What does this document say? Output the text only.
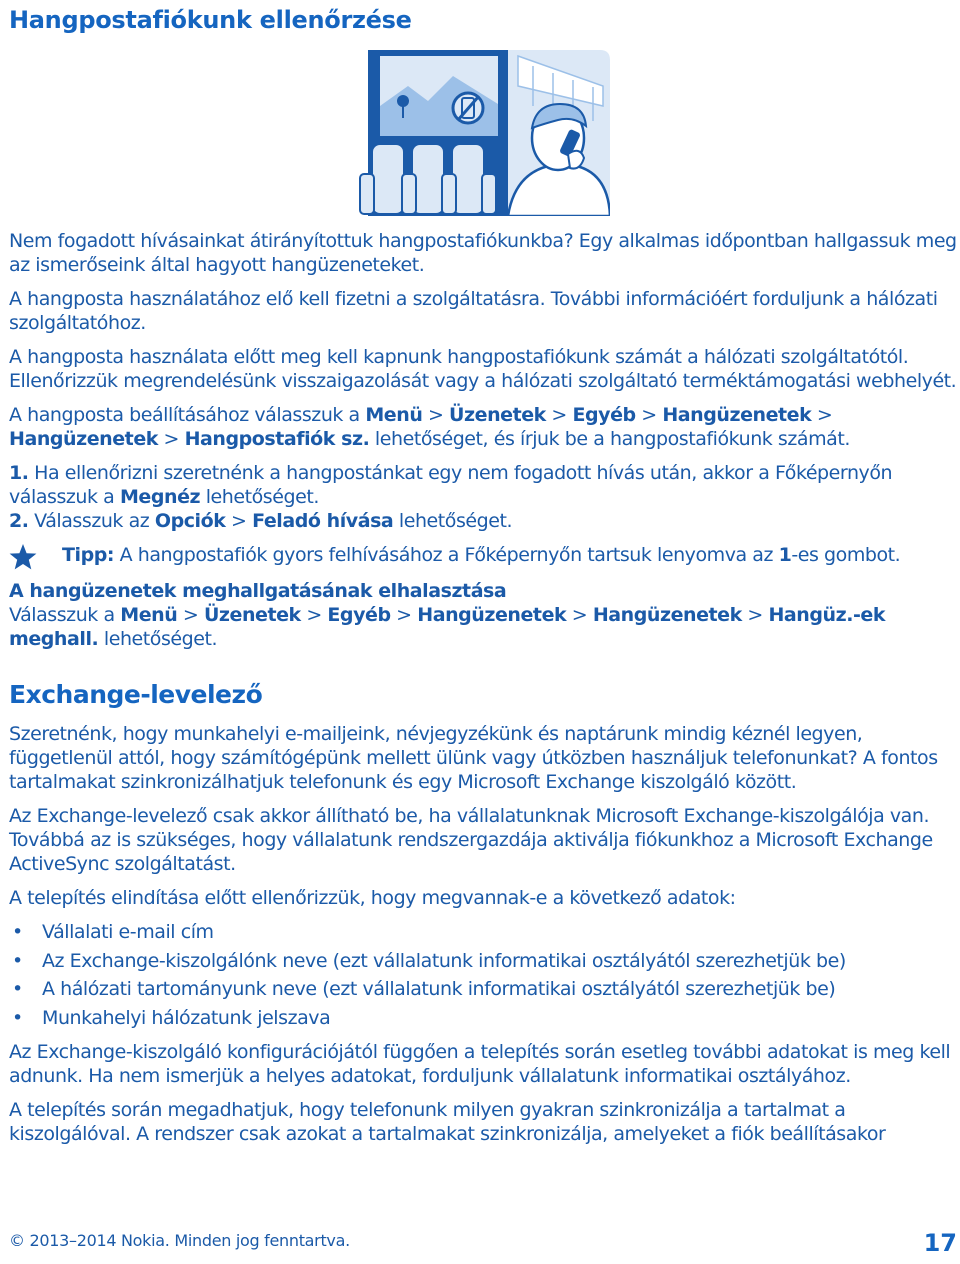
Hangpostafiókunk ellenőrzése

Nem fogadott hívásainkat átirányítottuk hangpostafiókunkba? Egy alkalmas időpontban hallgassuk meg az ismerőseink által hagyott hangüzeneteket.

A hangposta használatához elő kell fizetni a szolgáltatásra. További információért forduljunk a hálózati szolgáltatóhoz.

A hangposta használata előtt meg kell kapnunk hangpostafiókunk számát a hálózati szolgáltatótól. Ellenőrizzük megrendelésünk visszaigazolását vagy a hálózati szolgáltató terméktámogatási webhelyét.

A hangposta beállításához válasszuk a Menü > Üzenetek > Egyéb > Hangüzenetek > Hangüzenetek > Hangpostafiók sz. lehetőséget, és írjuk be a hangpostafiókunk számát.

1. Ha ellenőrizni szeretnénk a hangpostánkat egy nem fogadott hívás után, akkor a Főképernyőn válasszuk a Megnéz lehetőséget.

2. Válasszuk az Opciók > Feladó hívása lehetőséget.

Tipp: A hangpostafiók gyors felhívásához a Főképernyőn tartsuk lenyomva az 1-es gombot.

A hangüzenetek meghallgatásának elhalasztása

Válasszuk a Menü > Üzenetek > Egyéb > Hangüzenetek > Hangüzenetek > Hangüz.-ek meghall. lehetőséget.

Exchange-levelező

Szeretnénk, hogy munkahelyi e-mailjeink, névjegyzékünk és naptárunk mindig kéznél legyen, függetlenül attól, hogy számítógépünk mellett ülünk vagy útközben használjuk telefonunkat? A fontos tartalmakat szinkronizálhatjuk telefonunk és egy Microsoft Exchange kiszolgáló között.

Az Exchange-levelező csak akkor állítható be, ha vállalatunknak Microsoft Exchange-kiszolgálója van. Továbbá az is szükséges, hogy vállalatunk rendszergazdája aktiválja fiókunkhoz a Microsoft Exchange ActiveSync szolgáltatást.

A telepítés elindítása előtt ellenőrizzük, hogy megvannak-e a következő adatok:

• Vállalati e-mail cím
• Az Exchange-kiszolgálónk neve (ezt vállalatunk informatikai osztályától szerezhetjük be)
• A hálózati tartományunk neve (ezt vállalatunk informatikai osztályától szerezhetjük be)
• Munkahelyi hálózatunk jelszava

Az Exchange-kiszolgáló konfigurációjától függően a telepítés során esetleg további adatokat is meg kell adnunk. Ha nem ismerjük a helyes adatokat, forduljunk vállalatunk informatikai osztályához.

A telepítés során megadhatjuk, hogy telefonunk milyen gyakran szinkronizálja a tartalmat a kiszolgálóval. A rendszer csak azokat a tartalmakat szinkronizálja, amelyeket a fiók beállításakor

© 2013–2014 Nokia. Minden jog fenntartva.	17
